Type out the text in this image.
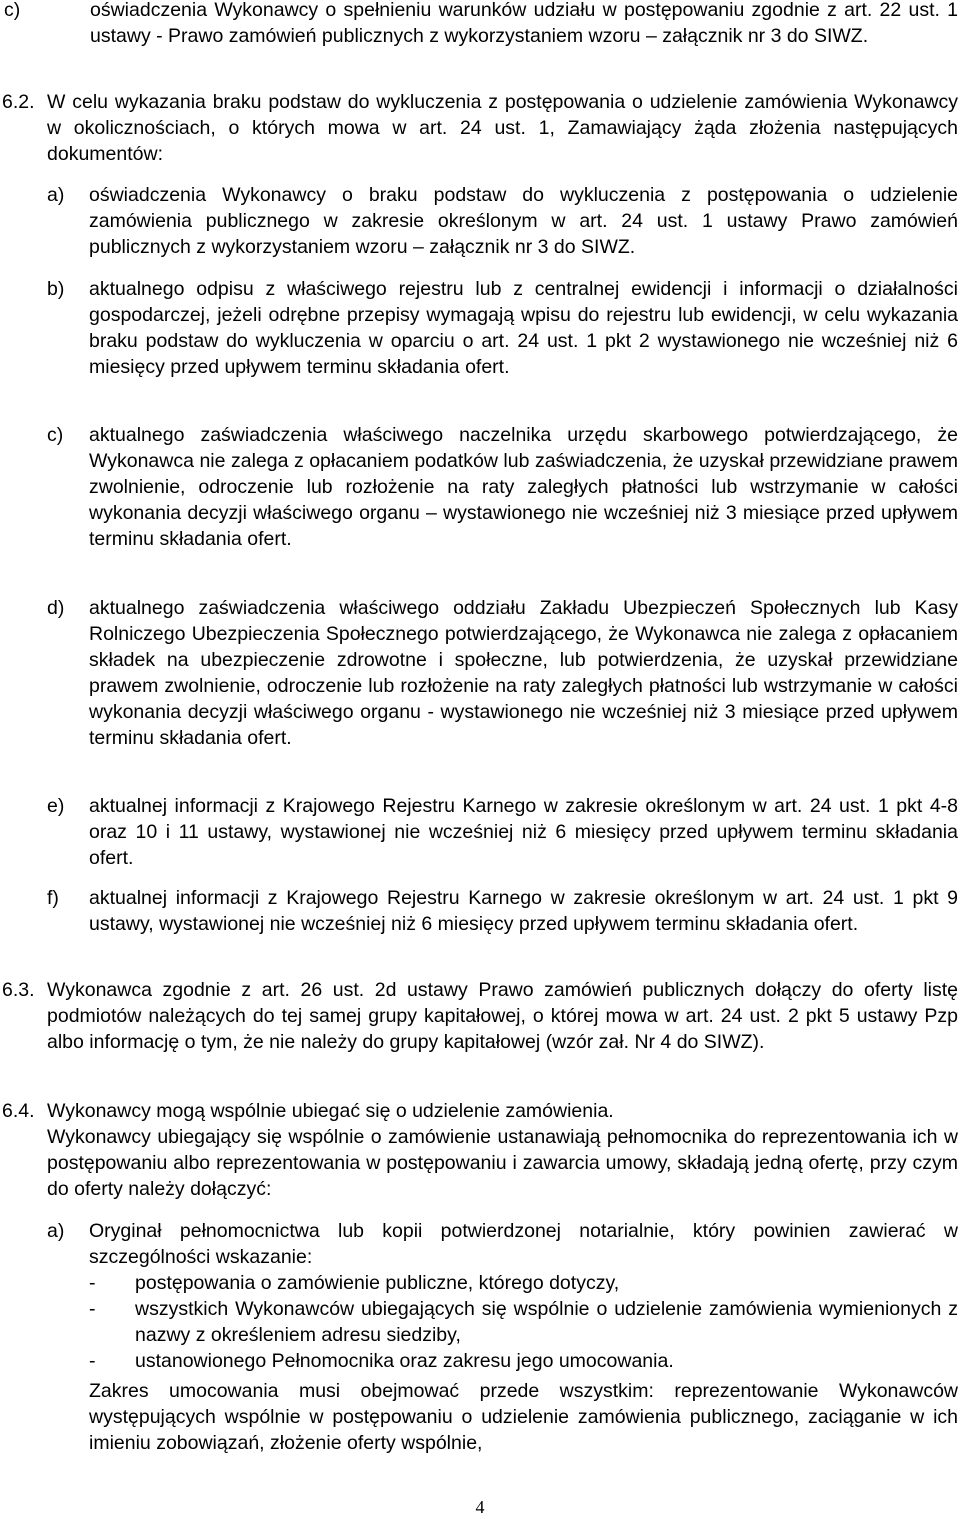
c)	oświadczenia Wykonawcy o spełnieniu warunków udziału w postępowaniu zgodnie z art. 22 ust. 1 ustawy - Prawo zamówień publicznych z wykorzystaniem wzoru – załącznik nr 3 do SIWZ.
6.2. W celu wykazania braku podstaw do wykluczenia z postępowania o udzielenie zamówienia Wykonawcy w okolicznościach, o których mowa w art. 24 ust. 1, Zamawiający żąda złożenia następujących dokumentów:
a)	oświadczenia Wykonawcy o braku podstaw do wykluczenia z postępowania o udzielenie zamówienia publicznego w zakresie określonym w art. 24 ust. 1 ustawy Prawo zamówień publicznych z wykorzystaniem wzoru – załącznik nr 3 do SIWZ.
b)	aktualnego odpisu z właściwego rejestru lub z centralnej ewidencji i informacji o działalności gospodarczej, jeżeli odrębne przepisy wymagają wpisu do rejestru lub ewidencji, w celu wykazania braku podstaw do wykluczenia w oparciu o art. 24 ust. 1 pkt 2 wystawionego nie wcześniej niż 6 miesięcy przed upływem terminu składania ofert.
c)	aktualnego zaświadczenia właściwego naczelnika urzędu skarbowego potwierdzającego, że Wykonawca nie zalega z opłacaniem podatków lub zaświadczenia, że uzyskał przewidziane prawem zwolnienie, odroczenie lub rozłożenie na raty zaległych płatności lub wstrzymanie w całości wykonania decyzji właściwego organu – wystawionego nie wcześniej niż 3 miesiące przed upływem terminu składania ofert.
d)	aktualnego zaświadczenia właściwego oddziału Zakładu Ubezpieczeń Społecznych lub Kasy Rolniczego Ubezpieczenia Społecznego potwierdzającego, że Wykonawca nie zalega z opłacaniem składek na ubezpieczenie zdrowotne i społeczne, lub potwierdzenia, że uzyskał przewidziane prawem zwolnienie, odroczenie lub rozłożenie na raty zaległych płatności lub wstrzymanie w całości wykonania decyzji właściwego organu - wystawionego nie wcześniej niż 3 miesiące przed upływem terminu składania ofert.
e)	aktualnej informacji z Krajowego Rejestru Karnego w zakresie określonym w art. 24 ust. 1 pkt 4-8 oraz 10 i 11 ustawy, wystawionej nie wcześniej niż 6 miesięcy przed upływem terminu składania ofert.
f)	aktualnej informacji z Krajowego Rejestru Karnego w zakresie określonym w art. 24 ust. 1 pkt 9 ustawy, wystawionej nie wcześniej niż 6 miesięcy przed upływem terminu składania ofert.
6.3. Wykonawca zgodnie z art. 26 ust. 2d ustawy Prawo zamówień publicznych dołączy do oferty listę podmiotów należących do tej samej grupy kapitałowej, o której mowa w art. 24 ust. 2 pkt 5 ustawy Pzp albo informację o tym, że nie należy do grupy kapitałowej (wzór zał. Nr 4 do SIWZ).
6.4. Wykonawcy mogą wspólnie ubiegać się o udzielenie zamówienia.
Wykonawcy ubiegający się wspólnie o zamówienie ustanawiają pełnomocnika do reprezentowania ich w postępowaniu albo reprezentowania w postępowaniu i zawarcia umowy, składają jedną ofertę, przy czym do oferty należy dołączyć:
a)	Oryginał pełnomocnictwa lub kopii potwierdzonej notarialnie, który powinien zawierać w szczególności wskazanie:
-	postępowania o zamówienie publiczne, którego dotyczy,
-	wszystkich Wykonawców ubiegających się wspólnie o udzielenie zamówienia wymienionych z nazwy z określeniem adresu siedziby,
-	ustanowionego Pełnomocnika oraz zakresu jego umocowania.
Zakres umocowania musi obejmować przede wszystkim: reprezentowanie Wykonawców występujących wspólnie w postępowaniu o udzielenie zamówienia publicznego, zaciąganie w ich imieniu zobowiązań, złożenie oferty wspólnie,
4
